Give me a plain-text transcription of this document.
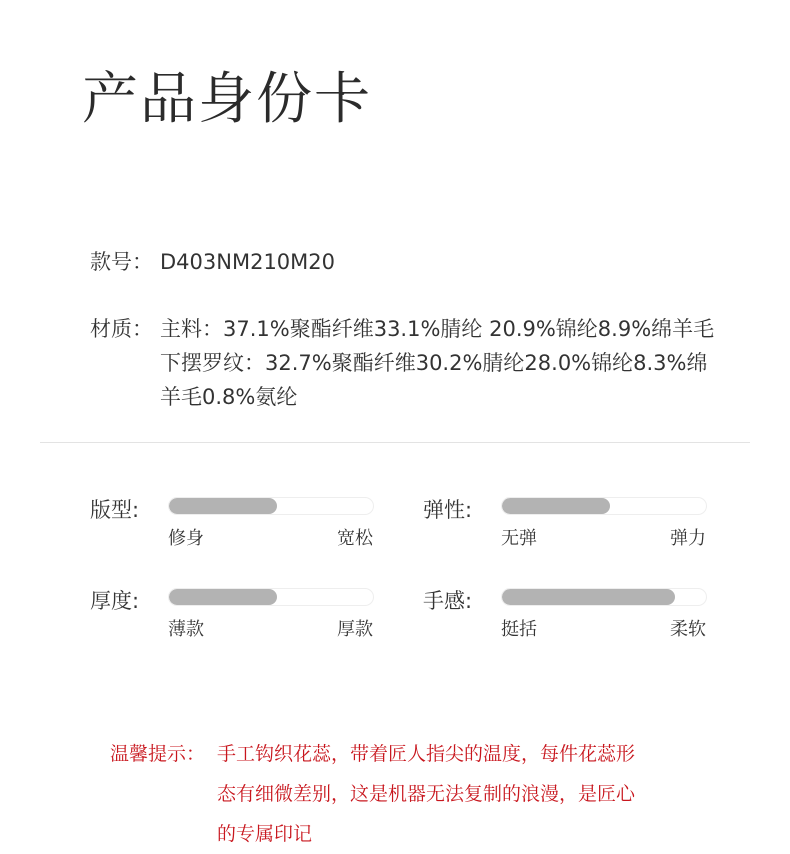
产品身份卡
款号： D403NM210M20
材质： 主料：37.1%聚酯纤维33.1%腈纶 20.9%锦纶8.9%绵羊毛
下摆罗纹：32.7%聚酯纤维30.2%腈纶28.0%锦纶8.3%绵
羊毛0.8%氨纶
版型:
修身	宽松
弹性:
无弹	弹力
厚度:
薄款	厚款
手感:
挺括	柔软
温馨提示： 手工钩织花蕊，带着匠人指尖的温度，每件花蕊形
态有细微差别，这是机器无法复制的浪漫，是匠心
的专属印记
